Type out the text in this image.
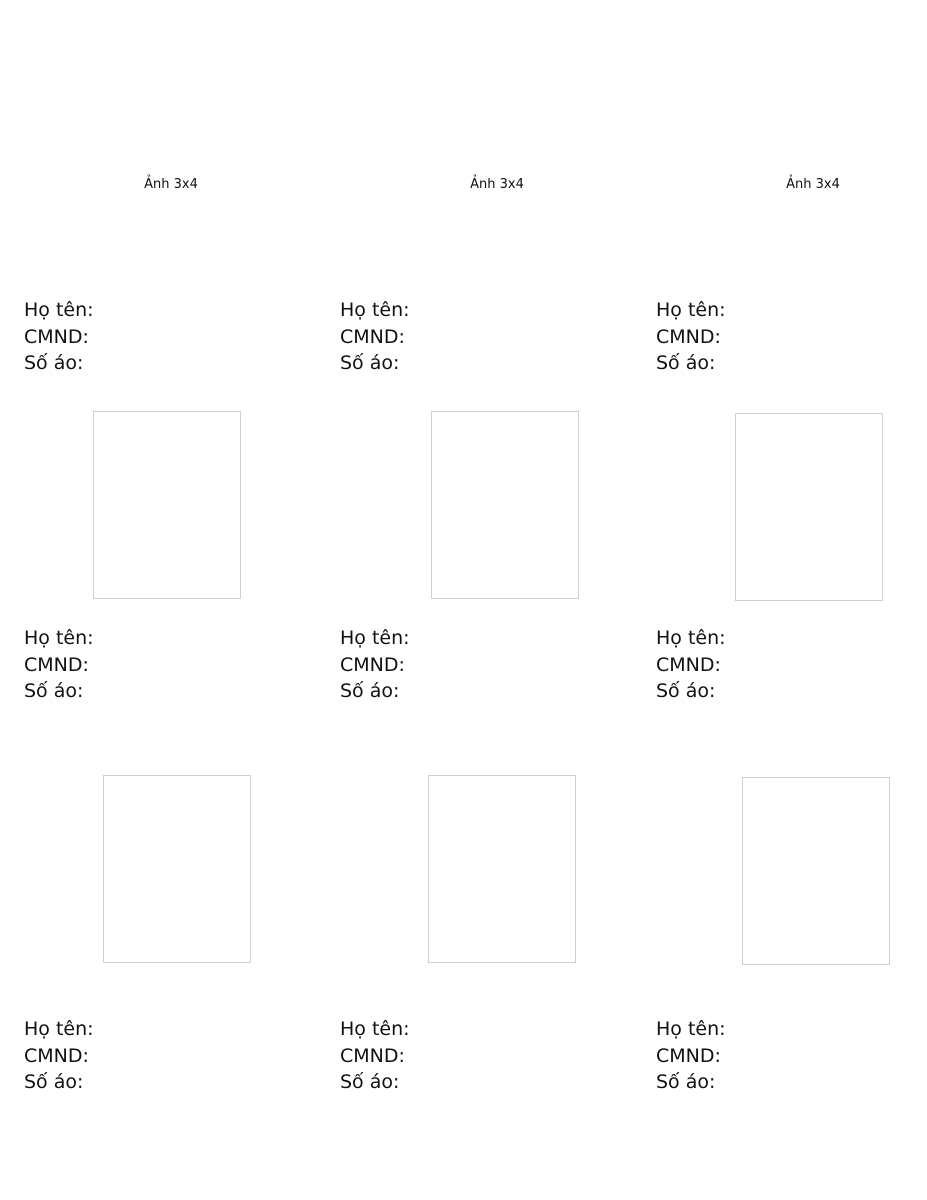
Ảnh 3x4	Ảnh 3x4	Ảnh 3x4
Họ tên:
CMND:
Số áo:
Họ tên:
CMND:
Số áo:
Họ tên:
CMND:
Số áo:
Họ tên:
CMND:
Số áo:
Họ tên:
CMND:
Số áo:
Họ tên:
CMND:
Số áo:
Họ tên:
CMND:
Số áo:
Họ tên:
CMND:
Số áo:
Họ tên:
CMND:
Số áo:
